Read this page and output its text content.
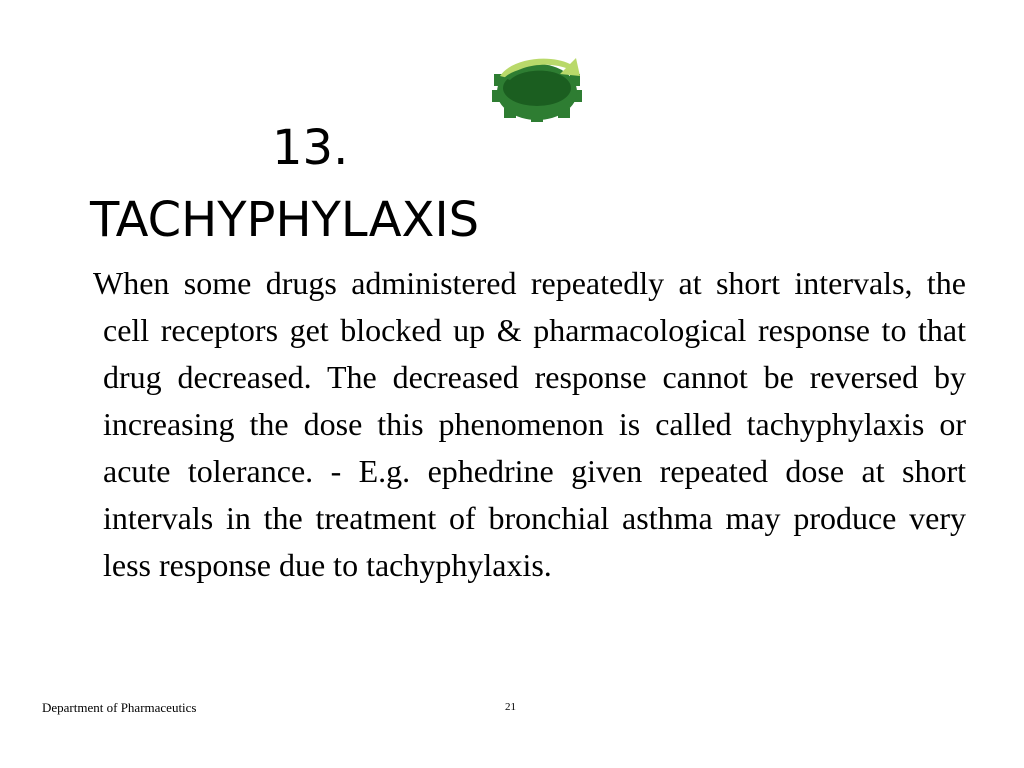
13.
TACHYPHYLAXIS

When some drugs administered repeatedly at short intervals, the cell receptors get blocked up & pharmacological response to that drug decreased. The decreased response cannot be reversed by increasing the dose this phenomenon is called tachyphylaxis or acute tolerance. - E.g. ephedrine given repeated dose at short intervals in the treatment of bronchial asthma may produce very less response due to tachyphylaxis.

Department of Pharmaceutics	21
